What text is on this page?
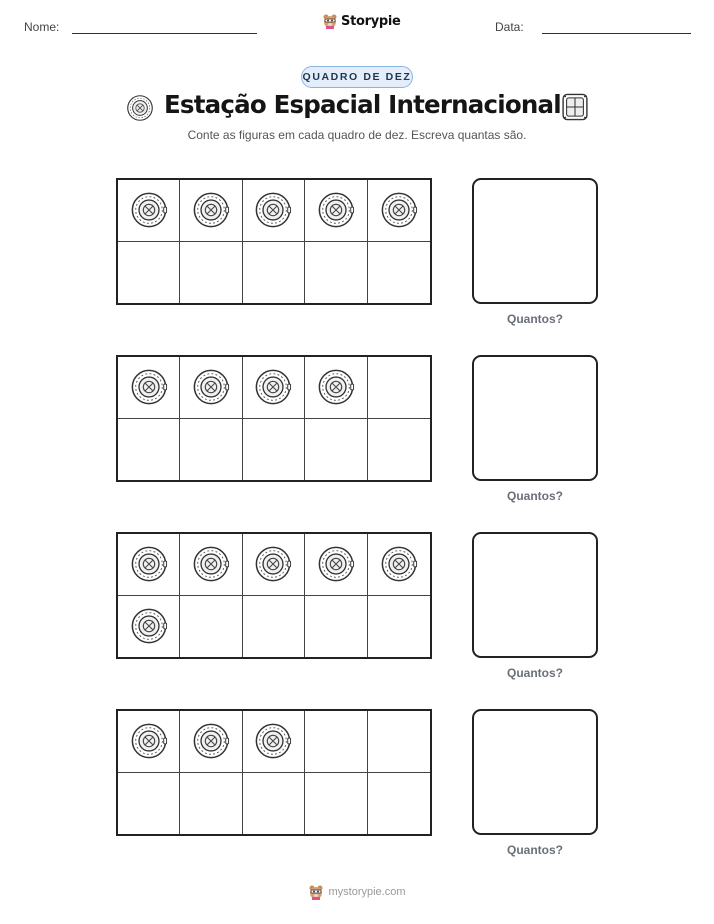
Nome:	Storypie	Data:
QUADRO DE DEZ
Estação Espacial Internacional
Conte as figuras em cada quadro de dez. Escreva quantas são.
Quantos?
Quantos?
Quantos?
Quantos?
mystorypie.com
